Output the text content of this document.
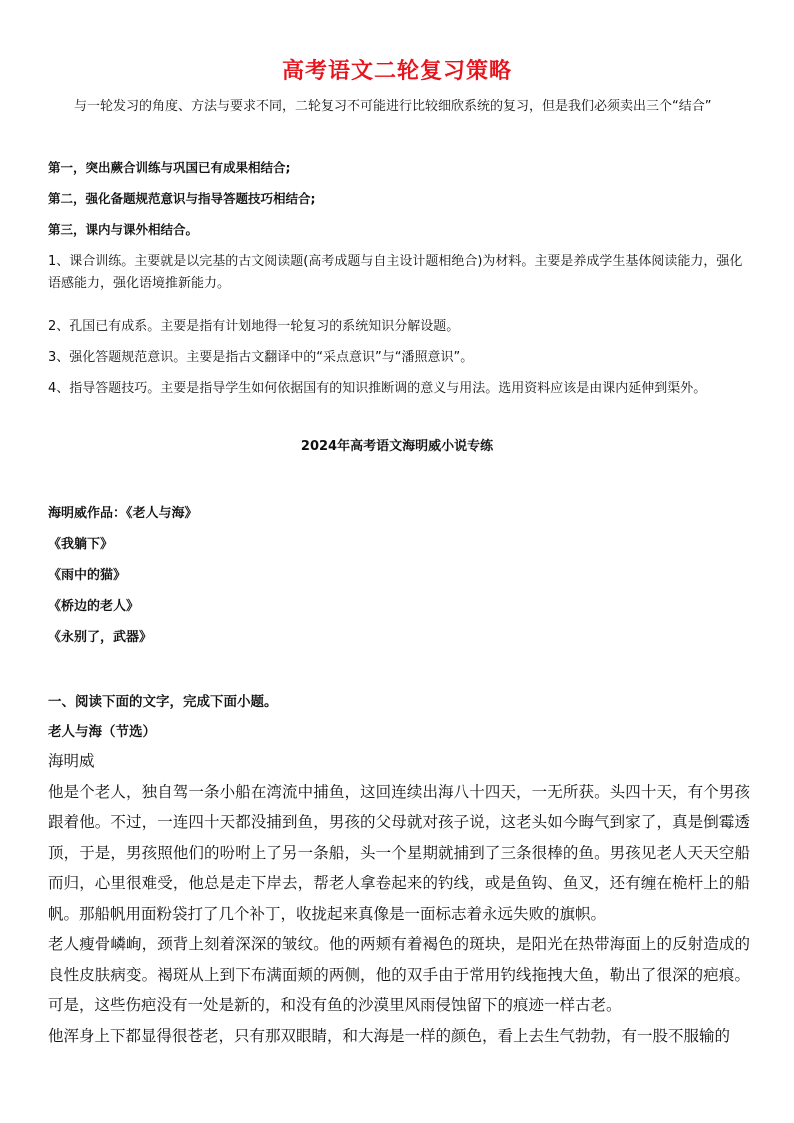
高考语文二轮复习策略
与一轮发习的角度、方法与要求不同，二轮复习不可能进行比较细欣系统的复习，但是我们必须卖出三个“结合”
第一，突出蕨合训练与巩国已有成果相结合;
第二，强化备题规范意识与指导答题技巧相结合;
第三，课内与课外相结合。
1、课合训练。主要就是以完基的古文阅读题(高考成题与自主设计题相绝合)为材料。主要是养成学生基体阅读能力，强化语感能力，强化语境推新能力。
2、孔国已有成系。主要是指有计划地得一轮复习的系统知识分解设题。
3、强化答题规范意识。主要是指古文翻译中的“采点意识”与“潘照意识”。
4、指导答题技巧。主要是指导学生如何依据国有的知识推断调的意义与用法。选用资料应该是由课内延伸到渠外。
2024年高考语文海明威小说专练
海明威作品：《老人与海》
《我躺下》
《雨中的猫》
《桥边的老人》
《永别了，武器》
一、阅读下面的文字，完成下面小题。
老人与海（节选）
海明威
他是个老人，独自驾一条小船在湾流中捕鱼，这回连续出海八十四天，一无所获。头四十天，有个男孩跟着他。不过，一连四十天都没捕到鱼，男孩的父母就对孩子说，这老头如今晦气到家了，真是倒霉透顶，于是，男孩照他们的吩咐上了另一条船，头一个星期就捕到了三条很棒的鱼。男孩见老人天天空船而归，心里很难受，他总是走下岸去，帮老人拿卷起来的钓线，或是鱼钩、鱼叉，还有缠在桅杆上的船帆。那船帆用面粉袋打了几个补丁，收拢起来真像是一面标志着永远失败的旗帜。
老人瘦骨嶙峋，颈背上刻着深深的皱纹。他的两颊有着褐色的斑块，是阳光在热带海面上的反射造成的良性皮肤病变。褐斑从上到下布满面颊的两侧，他的双手由于常用钓线拖拽大鱼，勒出了很深的疤痕。可是，这些伤疤没有一处是新的，和没有鱼的沙漠里风雨侵蚀留下的痕迹一样古老。
他浑身上下都显得很苍老，只有那双眼睛，和大海是一样的颜色，看上去生气勃勃，有一股不服输的
